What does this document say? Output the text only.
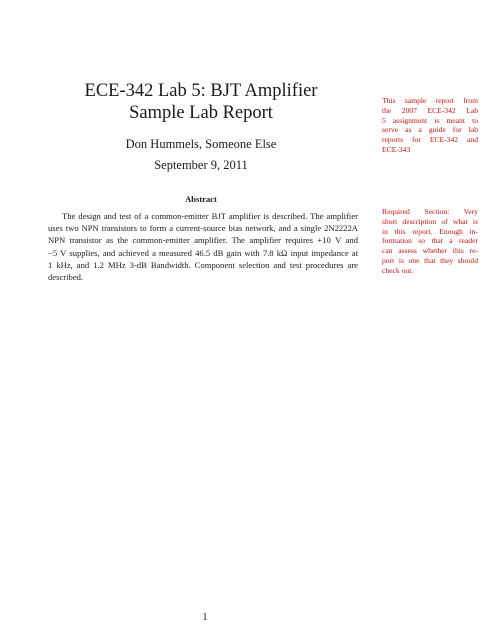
ECE-342 Lab 5: BJT Amplifier
Sample Lab Report
Don Hummels, Someone Else
September 9, 2011
Abstract
The design and test of a common-emitter BJT amplifier is described. The amplifier
uses two NPN transistors to form a current-source bias network, and a single 2N2222A
NPN transistor as the common-emitter amplifier. The amplifier requires +10 V and
−5 V supplies, and achieved a measured 46.5 dB gain with 7.8 kΩ input impedance at
1 kHz, and 1.2 MHz 3-dB Bandwidth. Component selection and test procedures are
described.
This sample report from
the 2007 ECE-342 Lab
5 assignment is meant to
serve as a guide for lab
reports for ECE-342 and
ECE-343
Required Section: Very
short description of what is
in this report. Enough in-
formation so that a reader
can assess whether this re-
port is one that they should
check out.
1
